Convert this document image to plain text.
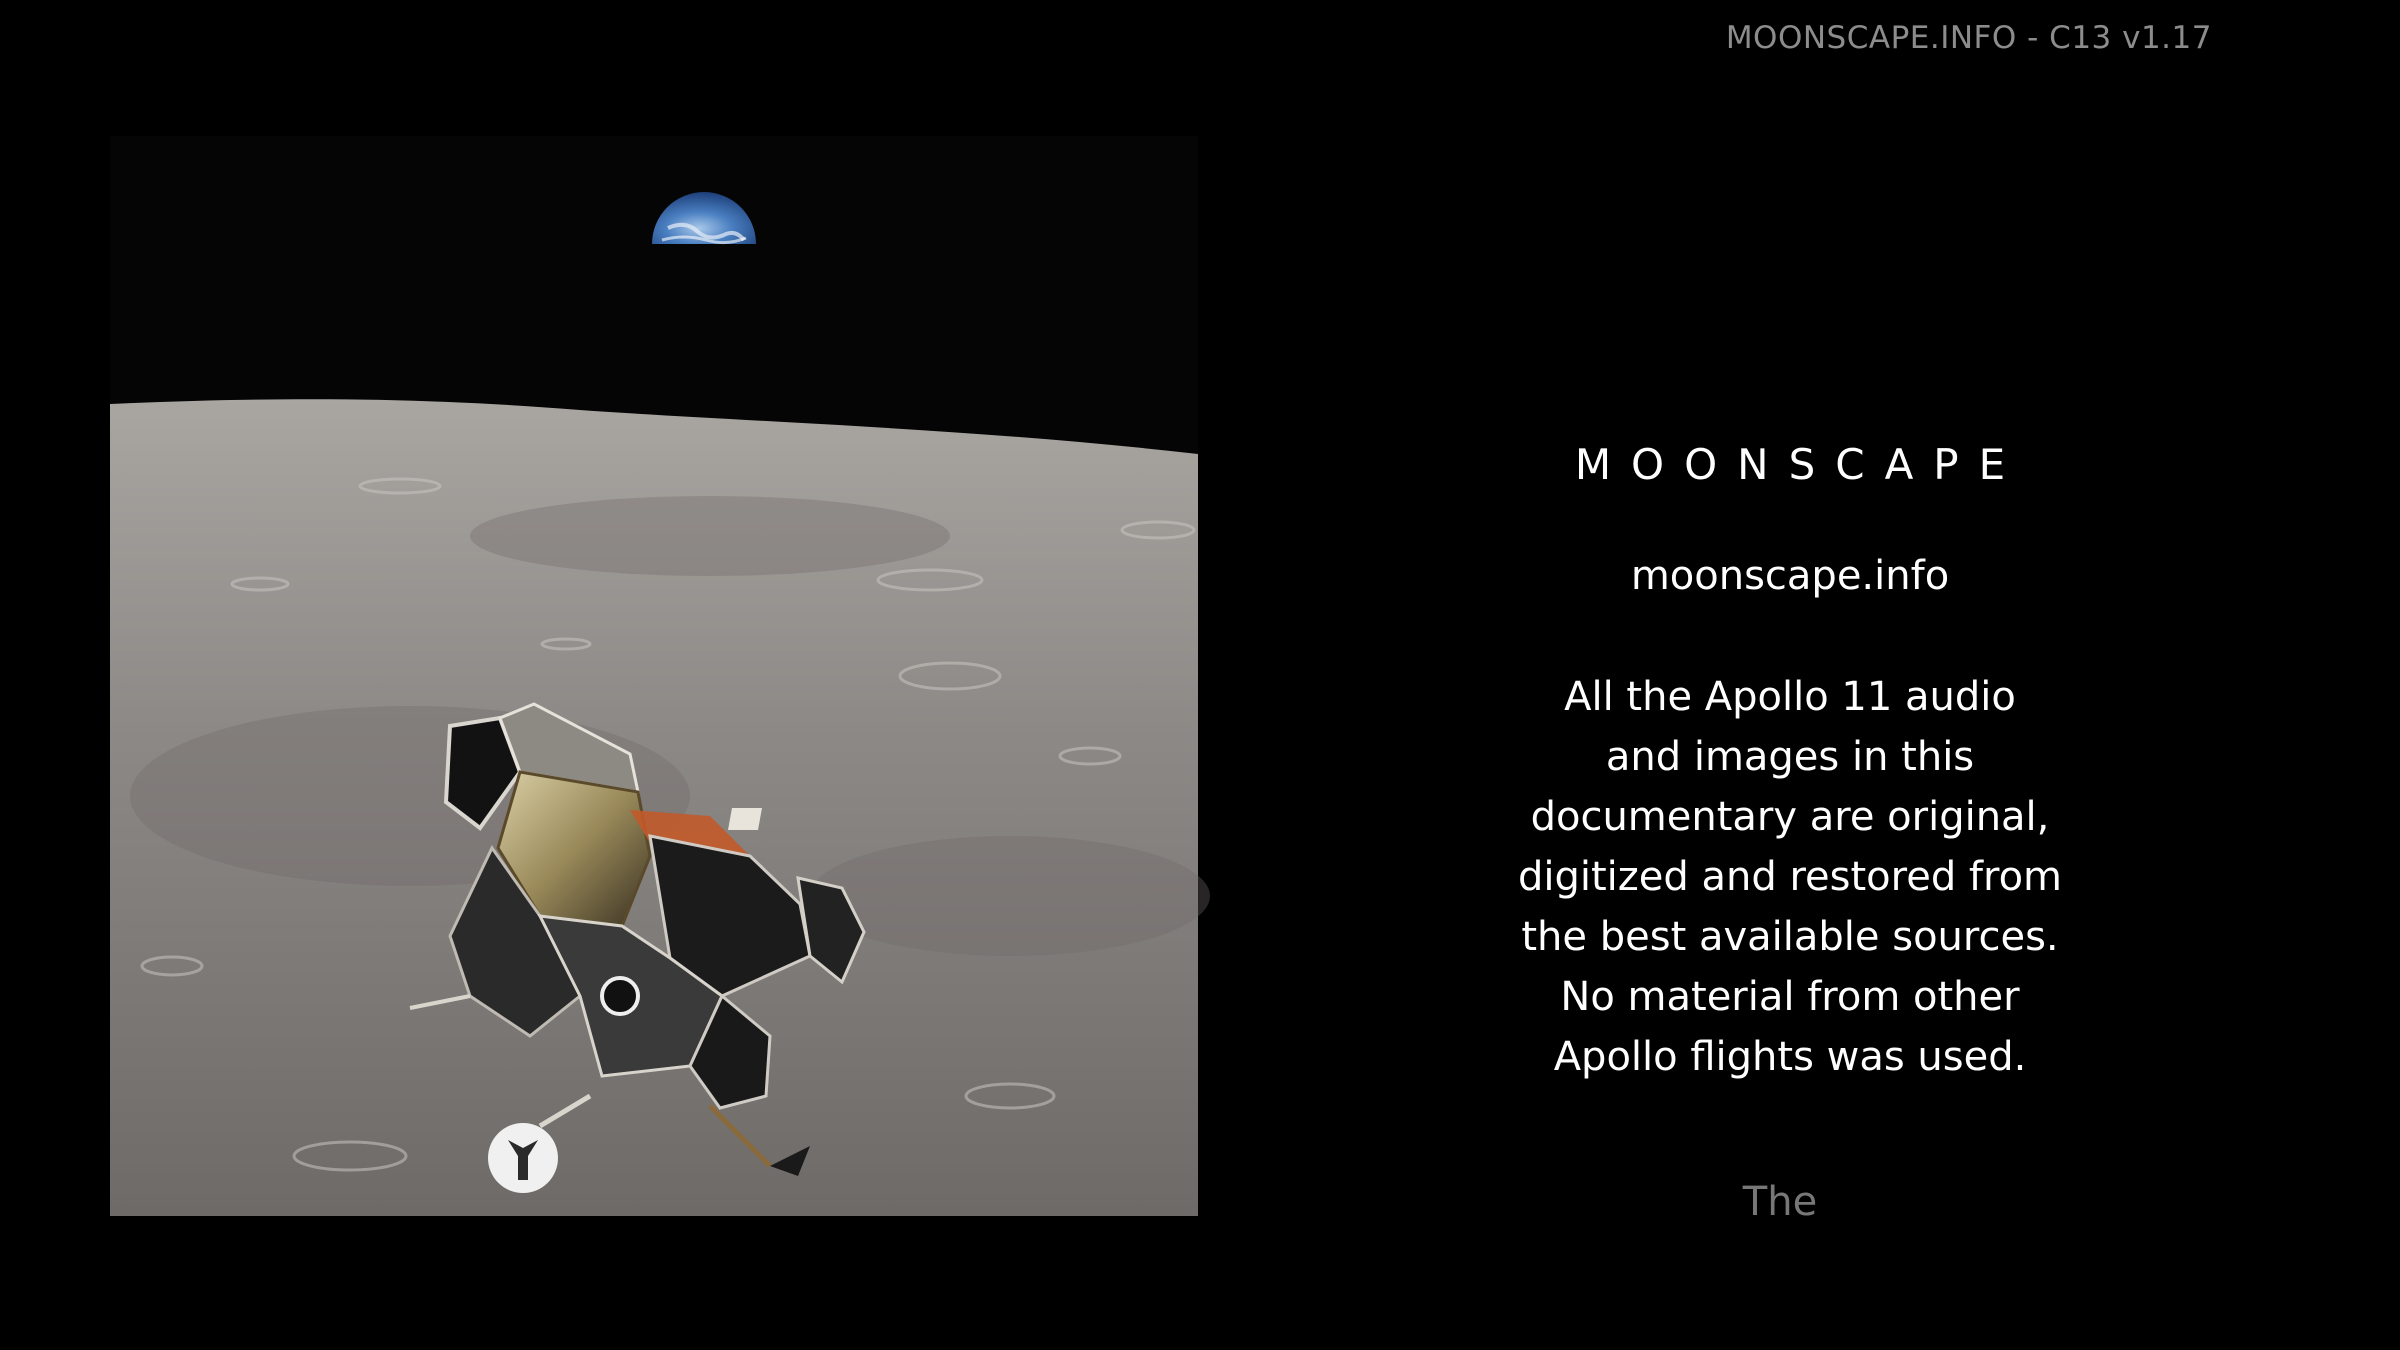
MOONSCAPE.INFO - C13 v1.17
MOONSCAPE
moonscape.info
All the Apollo 11 audio
and images in this
documentary are original,
digitized and restored from
the best available sources.
No material from other
Apollo flights was used.
The
